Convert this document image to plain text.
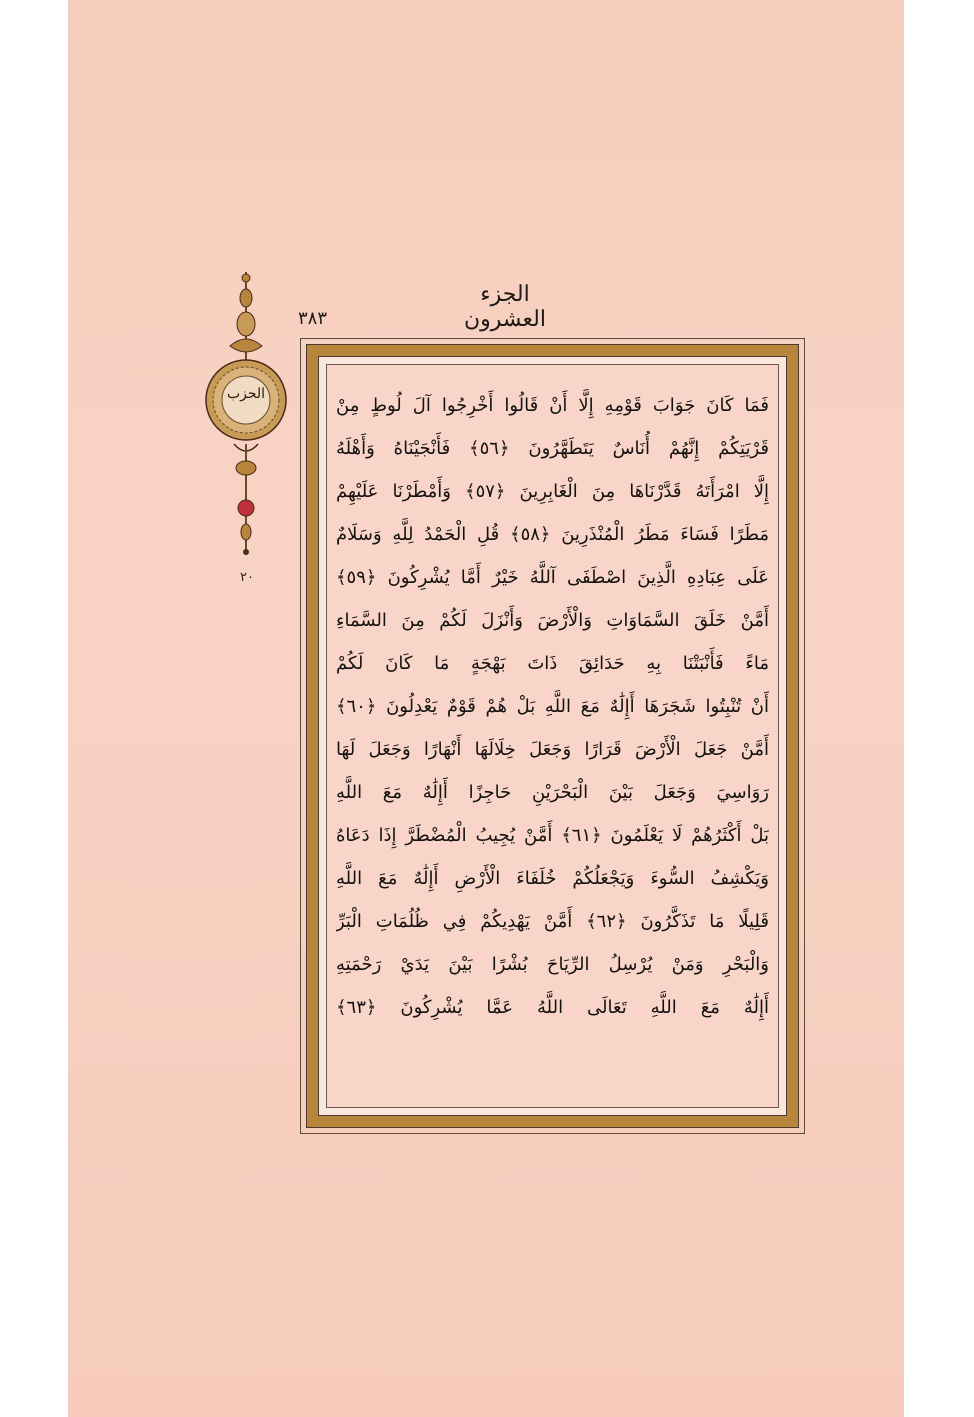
الجزء العشرون
٣٨٣
الحزب
٢٠
فَمَا كَانَ جَوَابَ قَوْمِهِ إِلَّا أَنْ قَالُوا أَخْرِجُوا آلَ لُوطٍ مِنْ
قَرْيَتِكُمْ إِنَّهُمْ أُنَاسٌ يَتَطَهَّرُونَ ﴿٥٦﴾ فَأَنْجَيْنَاهُ وَأَهْلَهُ
إِلَّا امْرَأَتَهُ قَدَّرْنَاهَا مِنَ الْغَابِرِينَ ﴿٥٧﴾ وَأَمْطَرْنَا عَلَيْهِمْ
مَطَرًا فَسَاءَ مَطَرُ الْمُنْذَرِينَ ﴿٥٨﴾ قُلِ الْحَمْدُ لِلَّهِ وَسَلَامٌ
عَلَى عِبَادِهِ الَّذِينَ اصْطَفَى آللَّهُ خَيْرٌ أَمَّا يُشْرِكُونَ ﴿٥٩﴾
أَمَّنْ خَلَقَ السَّمَاوَاتِ وَالْأَرْضَ وَأَنْزَلَ لَكُمْ مِنَ السَّمَاءِ
مَاءً فَأَنْبَتْنَا بِهِ حَدَائِقَ ذَاتَ بَهْجَةٍ مَا كَانَ لَكُمْ
أَنْ تُنْبِتُوا شَجَرَهَا أَإِلَٰهٌ مَعَ اللَّهِ بَلْ هُمْ قَوْمٌ يَعْدِلُونَ ﴿٦٠﴾
أَمَّنْ جَعَلَ الْأَرْضَ قَرَارًا وَجَعَلَ خِلَالَهَا أَنْهَارًا وَجَعَلَ لَهَا
رَوَاسِيَ وَجَعَلَ بَيْنَ الْبَحْرَيْنِ حَاجِزًا أَإِلَٰهٌ مَعَ اللَّهِ
بَلْ أَكْثَرُهُمْ لَا يَعْلَمُونَ ﴿٦١﴾ أَمَّنْ يُجِيبُ الْمُضْطَرَّ إِذَا دَعَاهُ
وَيَكْشِفُ السُّوءَ وَيَجْعَلُكُمْ خُلَفَاءَ الْأَرْضِ أَإِلَٰهٌ مَعَ اللَّهِ
قَلِيلًا مَا تَذَكَّرُونَ ﴿٦٢﴾ أَمَّنْ يَهْدِيكُمْ فِي ظُلُمَاتِ الْبَرِّ
وَالْبَحْرِ وَمَنْ يُرْسِلُ الرِّيَاحَ بُشْرًا بَيْنَ يَدَيْ رَحْمَتِهِ
أَإِلَٰهٌ مَعَ اللَّهِ تَعَالَى اللَّهُ عَمَّا يُشْرِكُونَ ﴿٦٣﴾
